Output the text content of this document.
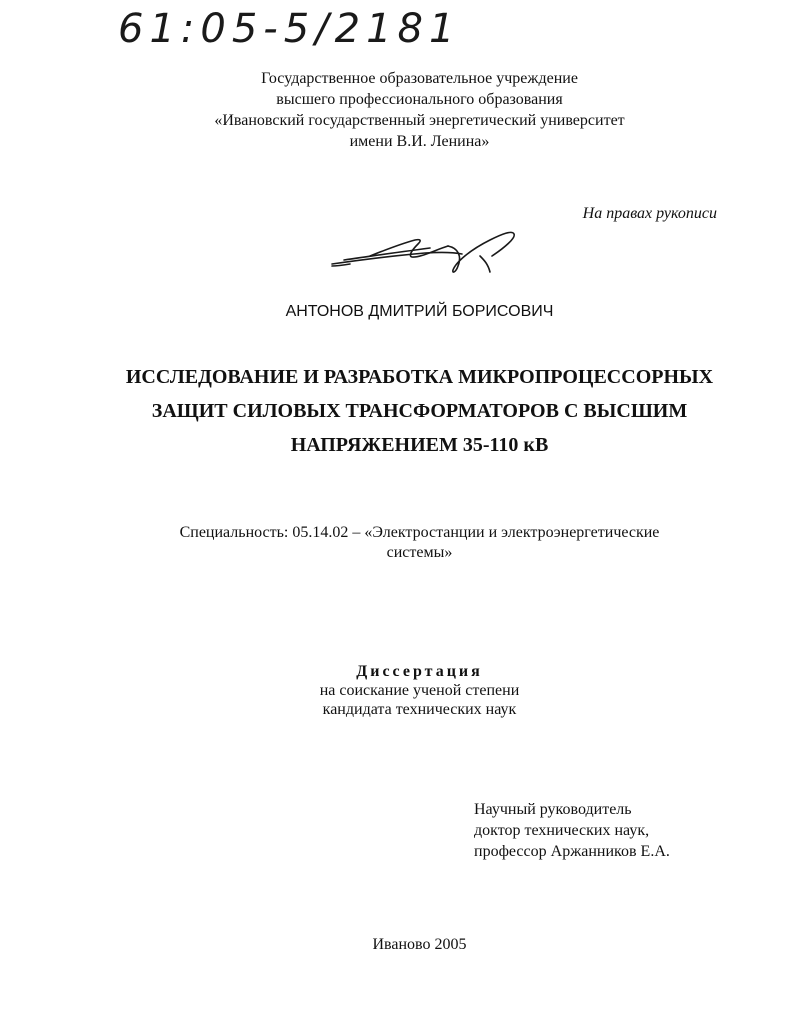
61:05-5/2181
Государственное образовательное учреждение
высшего профессионального образования
«Ивановский государственный энергетический университет
имени В.И. Ленина»
На правах рукописи
АНТОНОВ ДМИТРИЙ БОРИСОВИЧ
ИССЛЕДОВАНИЕ И РАЗРАБОТКА МИКРОПРОЦЕССОРНЫХ
ЗАЩИТ СИЛОВЫХ ТРАНСФОРМАТОРОВ С ВЫСШИМ
НАПРЯЖЕНИЕМ 35-110 кВ
Специальность: 05.14.02 – «Электростанции и электроэнергетические
системы»
Диссертация
на соискание ученой степени
кандидата технических наук
Научный руководитель
доктор технических наук,
профессор Аржанников Е.А.
Иваново 2005
